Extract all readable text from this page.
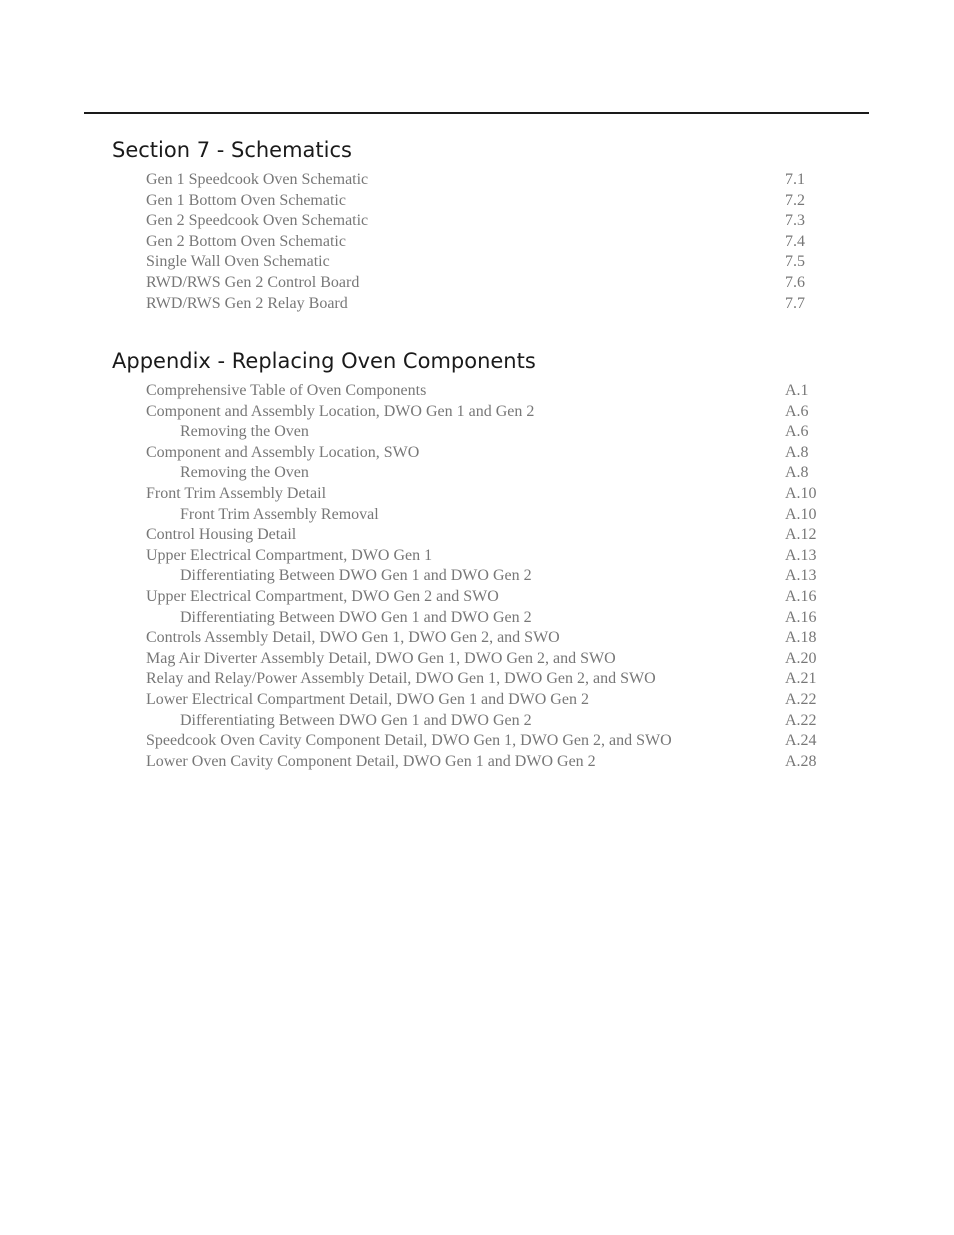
Section 7 - Schematics
Gen 1 Speedcook Oven Schematic	7.1
Gen 1 Bottom Oven Schematic	7.2
Gen 2 Speedcook Oven Schematic	7.3
Gen 2 Bottom Oven Schematic	7.4
Single Wall Oven Schematic	7.5
RWD/RWS Gen 2 Control Board	7.6
RWD/RWS Gen 2 Relay Board	7.7
Appendix - Replacing Oven Components
Comprehensive Table of Oven Components	A.1
Component and Assembly Location, DWO Gen 1 and Gen 2	A.6
Removing the Oven	A.6
Component and Assembly Location, SWO	A.8
Removing the Oven	A.8
Front Trim Assembly Detail	A.10
Front Trim Assembly Removal	A.10
Control Housing Detail	A.12
Upper Electrical Compartment, DWO Gen 1	A.13
Differentiating Between DWO Gen 1 and DWO Gen 2	A.13
Upper Electrical Compartment, DWO Gen 2 and SWO	A.16
Differentiating Between DWO Gen 1 and DWO Gen 2	A.16
Controls Assembly Detail, DWO Gen 1, DWO Gen 2, and SWO	A.18
Mag Air Diverter Assembly Detail, DWO Gen 1, DWO Gen 2, and SWO	A.20
Relay and Relay/Power Assembly Detail, DWO Gen 1, DWO Gen 2, and SWO	A.21
Lower Electrical Compartment Detail, DWO Gen 1 and DWO Gen 2	A.22
Differentiating Between DWO Gen 1 and DWO Gen 2	A.22
Speedcook Oven Cavity Component Detail, DWO Gen 1, DWO Gen 2, and SWO	A.24
Lower Oven Cavity Component Detail, DWO Gen 1 and DWO Gen 2	A.28
